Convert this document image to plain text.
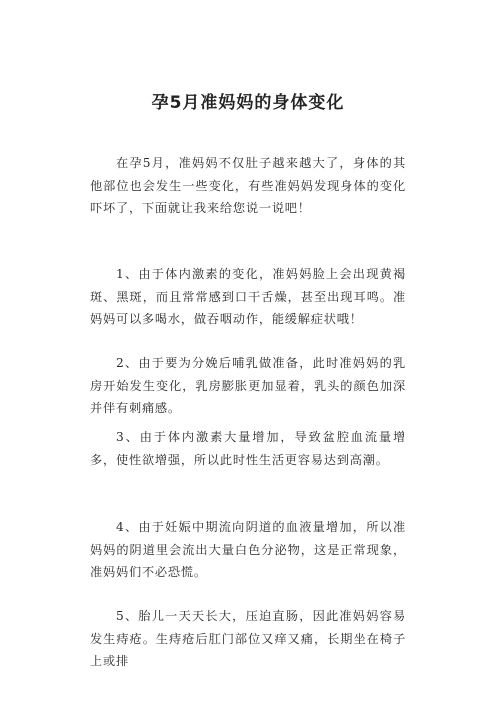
孕5月准妈妈的身体变化

在孕5月，准妈妈不仅肚子越来越大了，身体的其他部位也会发生一些变化，有些准妈妈发现身体的变化吓坏了，下面就让我来给您说一说吧！

1、由于体内激素的变化，准妈妈脸上会出现黄褐斑、黑斑，而且常常感到口干舌燥，甚至出现耳鸣。准妈妈可以多喝水，做吞咽动作，能缓解症状哦！

2、由于要为分娩后哺乳做准备，此时准妈妈的乳房开始发生变化，乳房膨胀更加显着，乳头的颜色加深并伴有刺痛感。

3、由于体内激素大量增加，导致盆腔血流量增多，使性欲增强，所以此时性生活更容易达到高潮。

4、由于妊娠中期流向阴道的血液量增加，所以准妈妈的阴道里会流出大量白色分泌物，这是正常现象，准妈妈们不必恐慌。

5、胎儿一天天长大，压迫直肠，因此准妈妈容易发生痔疮。生痔疮后肛门部位又痒又痛，长期坐在椅子上或排
